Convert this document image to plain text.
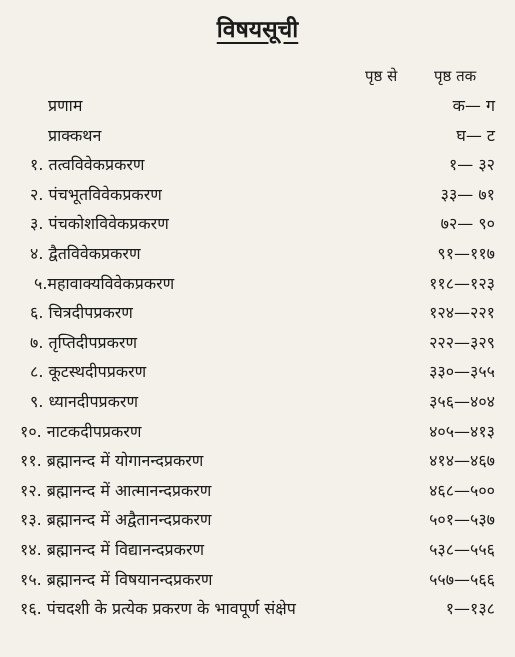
विषयसूची
पृष्ठ से पृष्ठ तक
प्रणाम	क— ग
प्राक्कथन	घ— ट
१. तत्वविवेकप्रकरण	१— ३२
२. पंचभूतविवेकप्रकरण	३३— ७१
३. पंचकोशविवेकप्रकरण	७२— ९०
४. द्वैतविवेकप्रकरण	९१—११७
५.महावाक्यविवेकप्रकरण	११८—१२३
६. चित्रदीपप्रकरण	१२४—२२१
७. तृप्तिदीपप्रकरण	२२२—३२९
८. कूटस्थदीपप्रकरण	३३०—३५५
९. ध्यानदीपप्रकरण	३५६—४०४
१०. नाटकदीपप्रकरण	४०५—४१३
११. ब्रह्मानन्द में योगानन्दप्रकरण	४१४—४६७
१२. ब्रह्मानन्द में आत्मानन्दप्रकरण	४६८—५००
१३. ब्रह्मानन्द में अद्वैतानन्दप्रकरण	५०१—५३७
१४. ब्रह्मानन्द में विद्यानन्दप्रकरण	५३८—५५६
१५. ब्रह्मानन्द में विषयानन्दप्रकरण	५५७—५६६
१६. पंचदशी के प्रत्येक प्रकरण के भावपूर्ण संक्षेप	१—१३८
